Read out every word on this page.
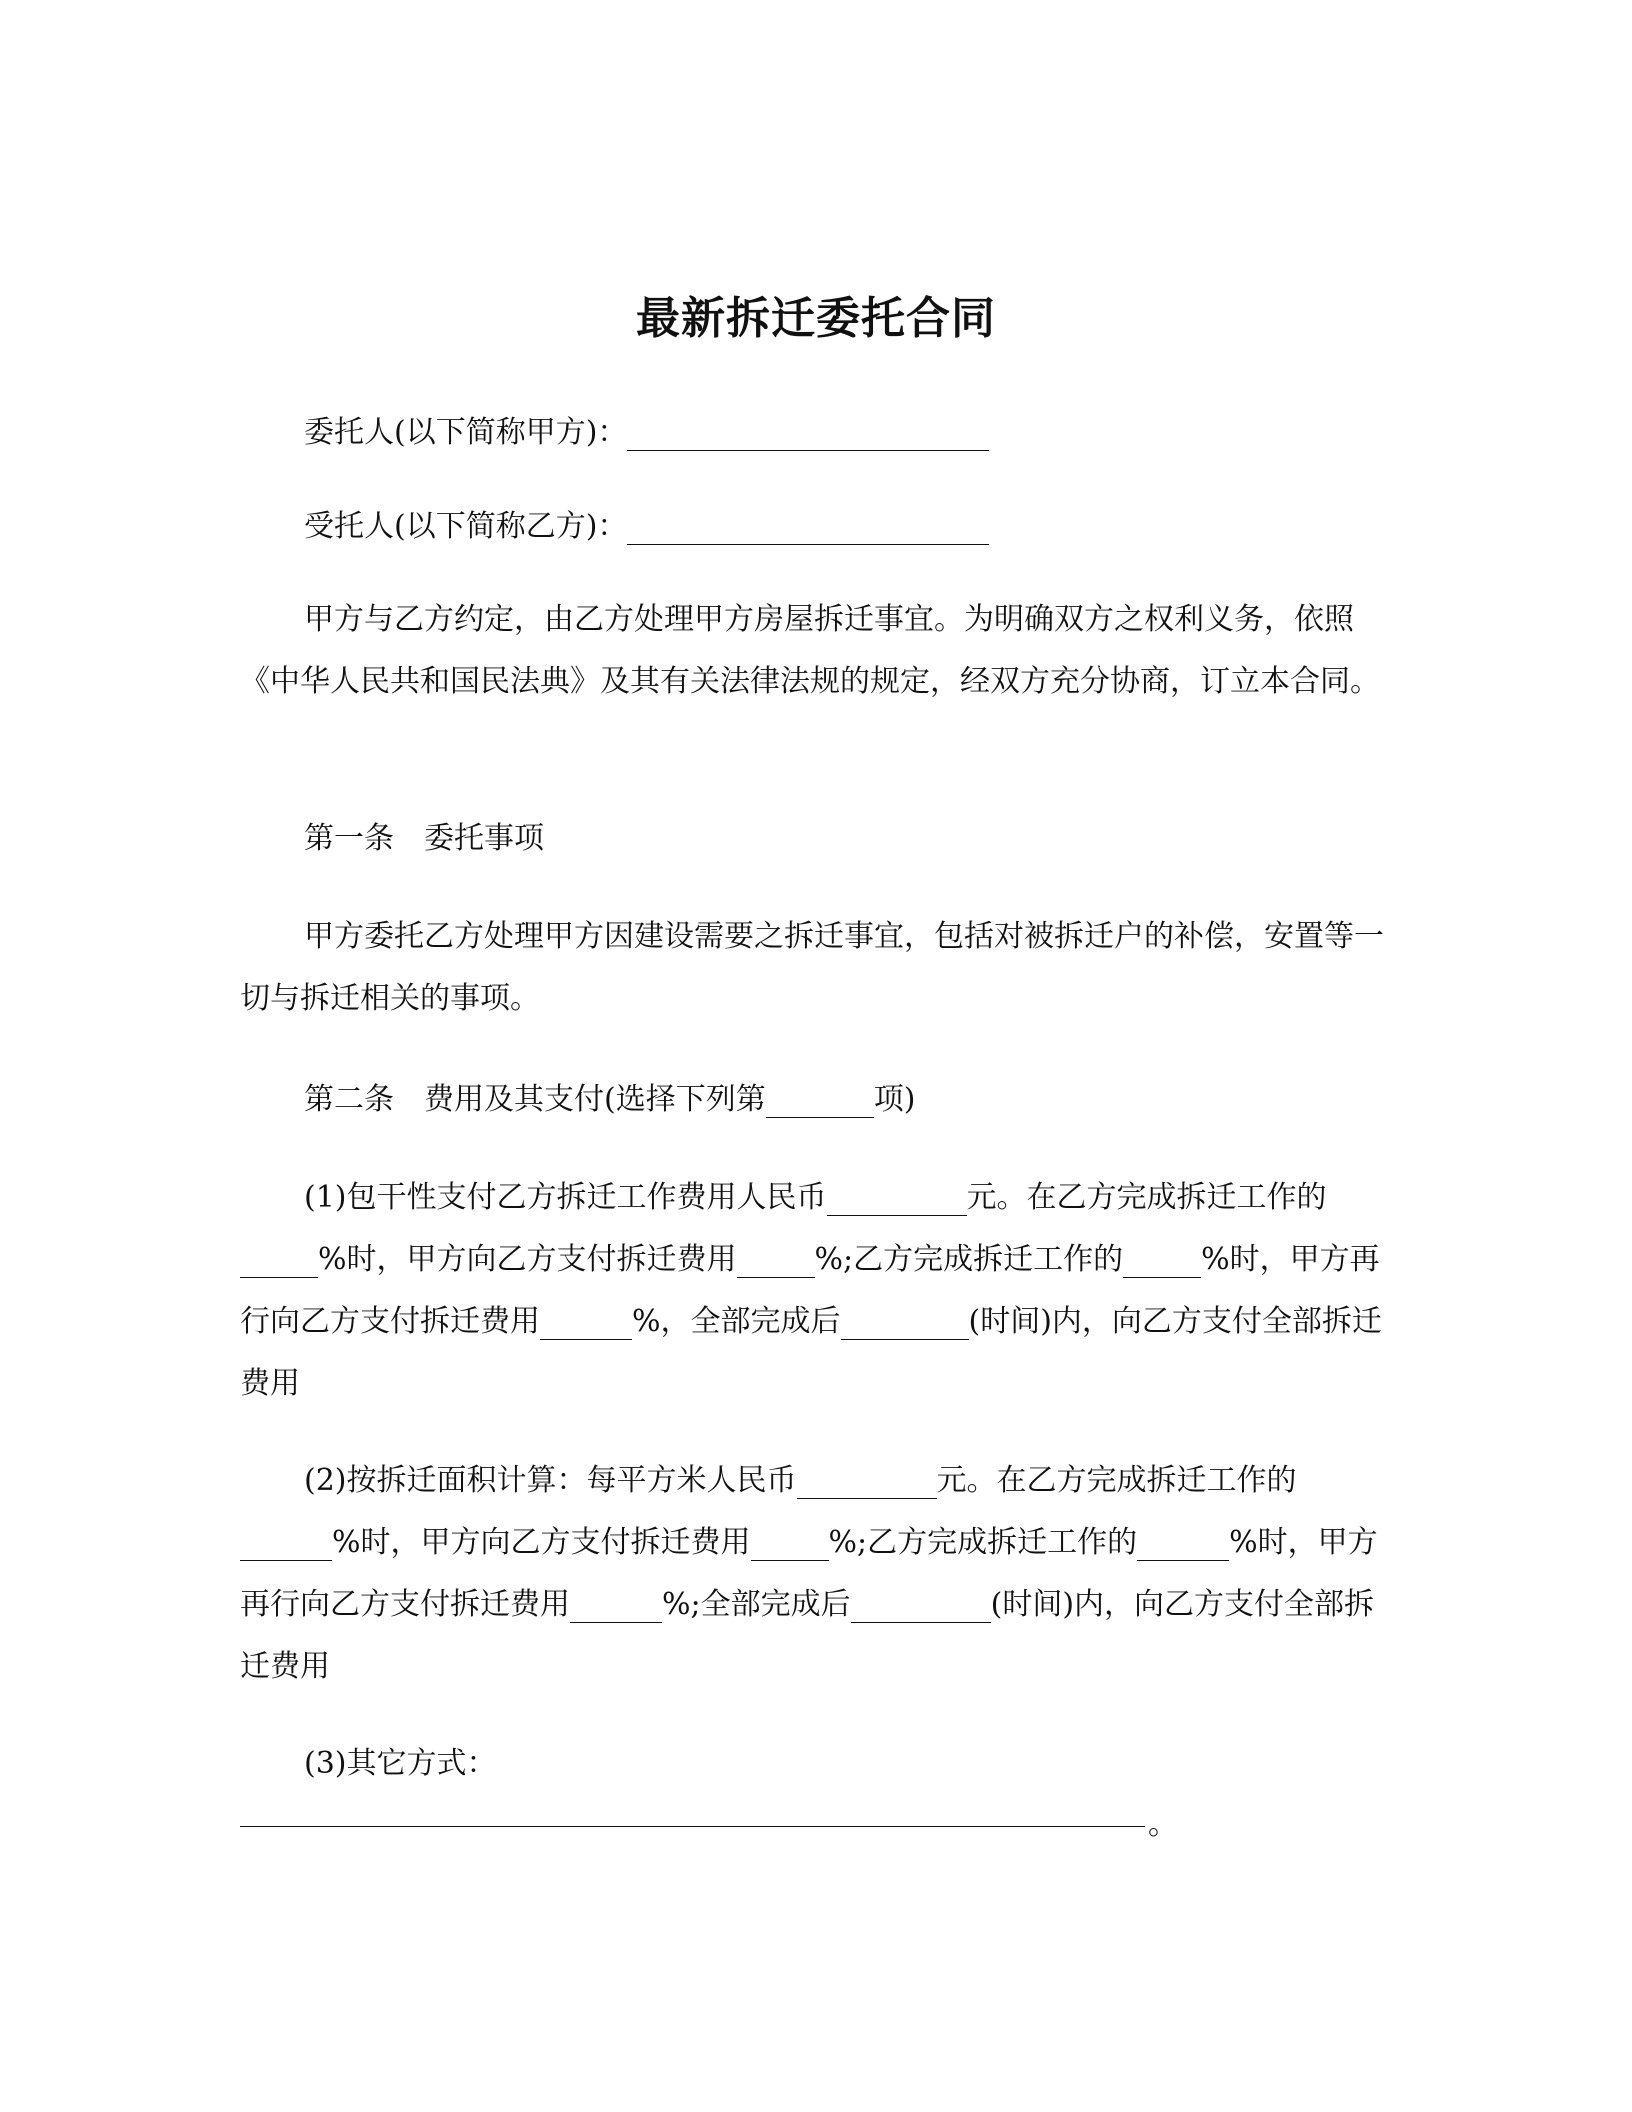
最新拆迁委托合同

委托人(以下简称甲方)：

受托人(以下简称乙方)：

甲方与乙方约定，由乙方处理甲方房屋拆迁事宜。为明确双方之权利义务，依照《中华人民共和国民法典》及其有关法律法规的规定，经双方充分协商，订立本合同。

第一条　委托事项

甲方委托乙方处理甲方因建设需要之拆迁事宜，包括对被拆迁户的补偿，安置等一切与拆迁相关的事项。

第二条　费用及其支付(选择下列第	项)

(1)包干性支付乙方拆迁工作费用人民币	元。在乙方完成拆迁工作的%时，甲方向乙方支付拆迁费用	%;乙方完成拆迁工作的	%时，甲方再行向乙方支付拆迁费用	%，全部完成后	(时间)内，向乙方支付全部拆迁费用

(2)按拆迁面积计算：每平方米人民币	元。在乙方完成拆迁工作的%时，甲方向乙方支付拆迁费用	%;乙方完成拆迁工作的	%时，甲方再行向乙方支付拆迁费用	%;全部完成后	(时间)内，向乙方支付全部拆迁费用

(3)其它方式：

。
